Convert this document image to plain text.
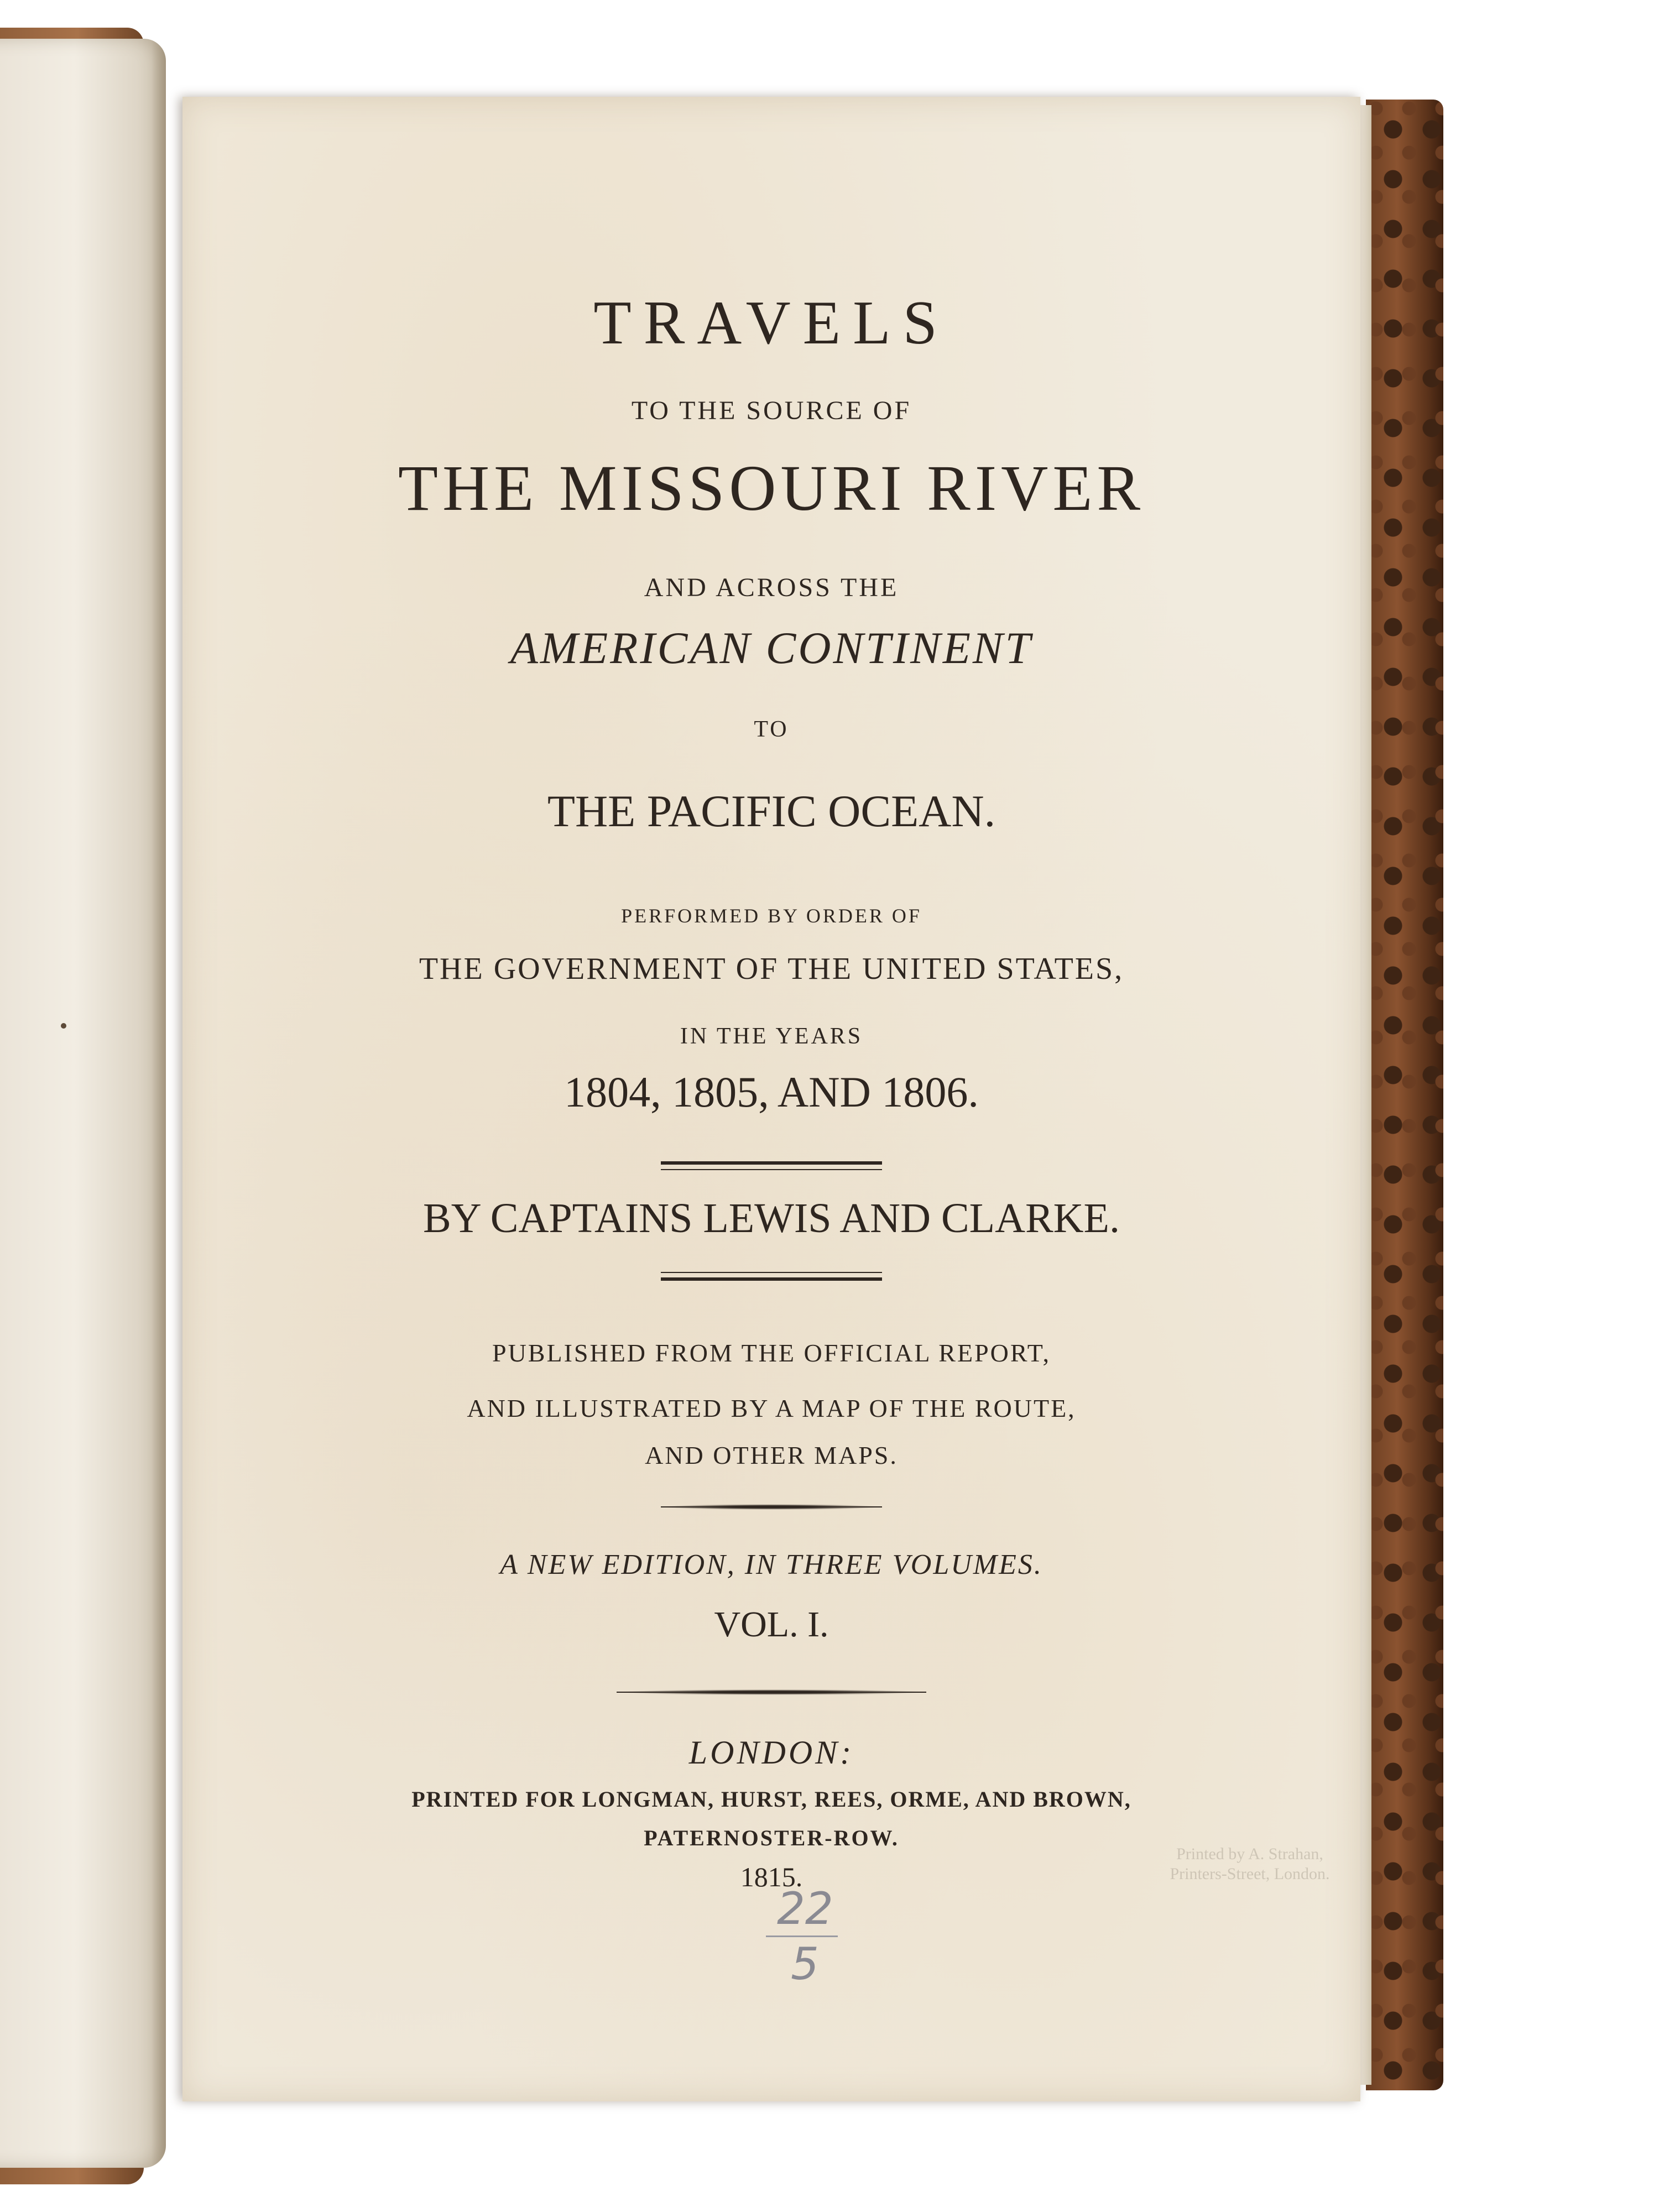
TRAVELS
TO THE SOURCE OF
THE MISSOURI RIVER
AND ACROSS THE
AMERICAN CONTINENT
TO
THE PACIFIC OCEAN.
PERFORMED BY ORDER OF
THE GOVERNMENT OF THE UNITED STATES,
IN THE YEARS
1804, 1805, AND 1806.
BY CAPTAINS LEWIS AND CLARKE.
PUBLISHED FROM THE OFFICIAL REPORT,
AND ILLUSTRATED BY A MAP OF THE ROUTE,
AND OTHER MAPS.
A NEW EDITION, IN THREE VOLUMES.
VOL. I.
LONDON:
PRINTED FOR LONGMAN, HURST, REES, ORME, AND BROWN,
PATERNOSTER-ROW.
1815.
22
5
Printed by A. Strahan,
Printers-Street, London.
